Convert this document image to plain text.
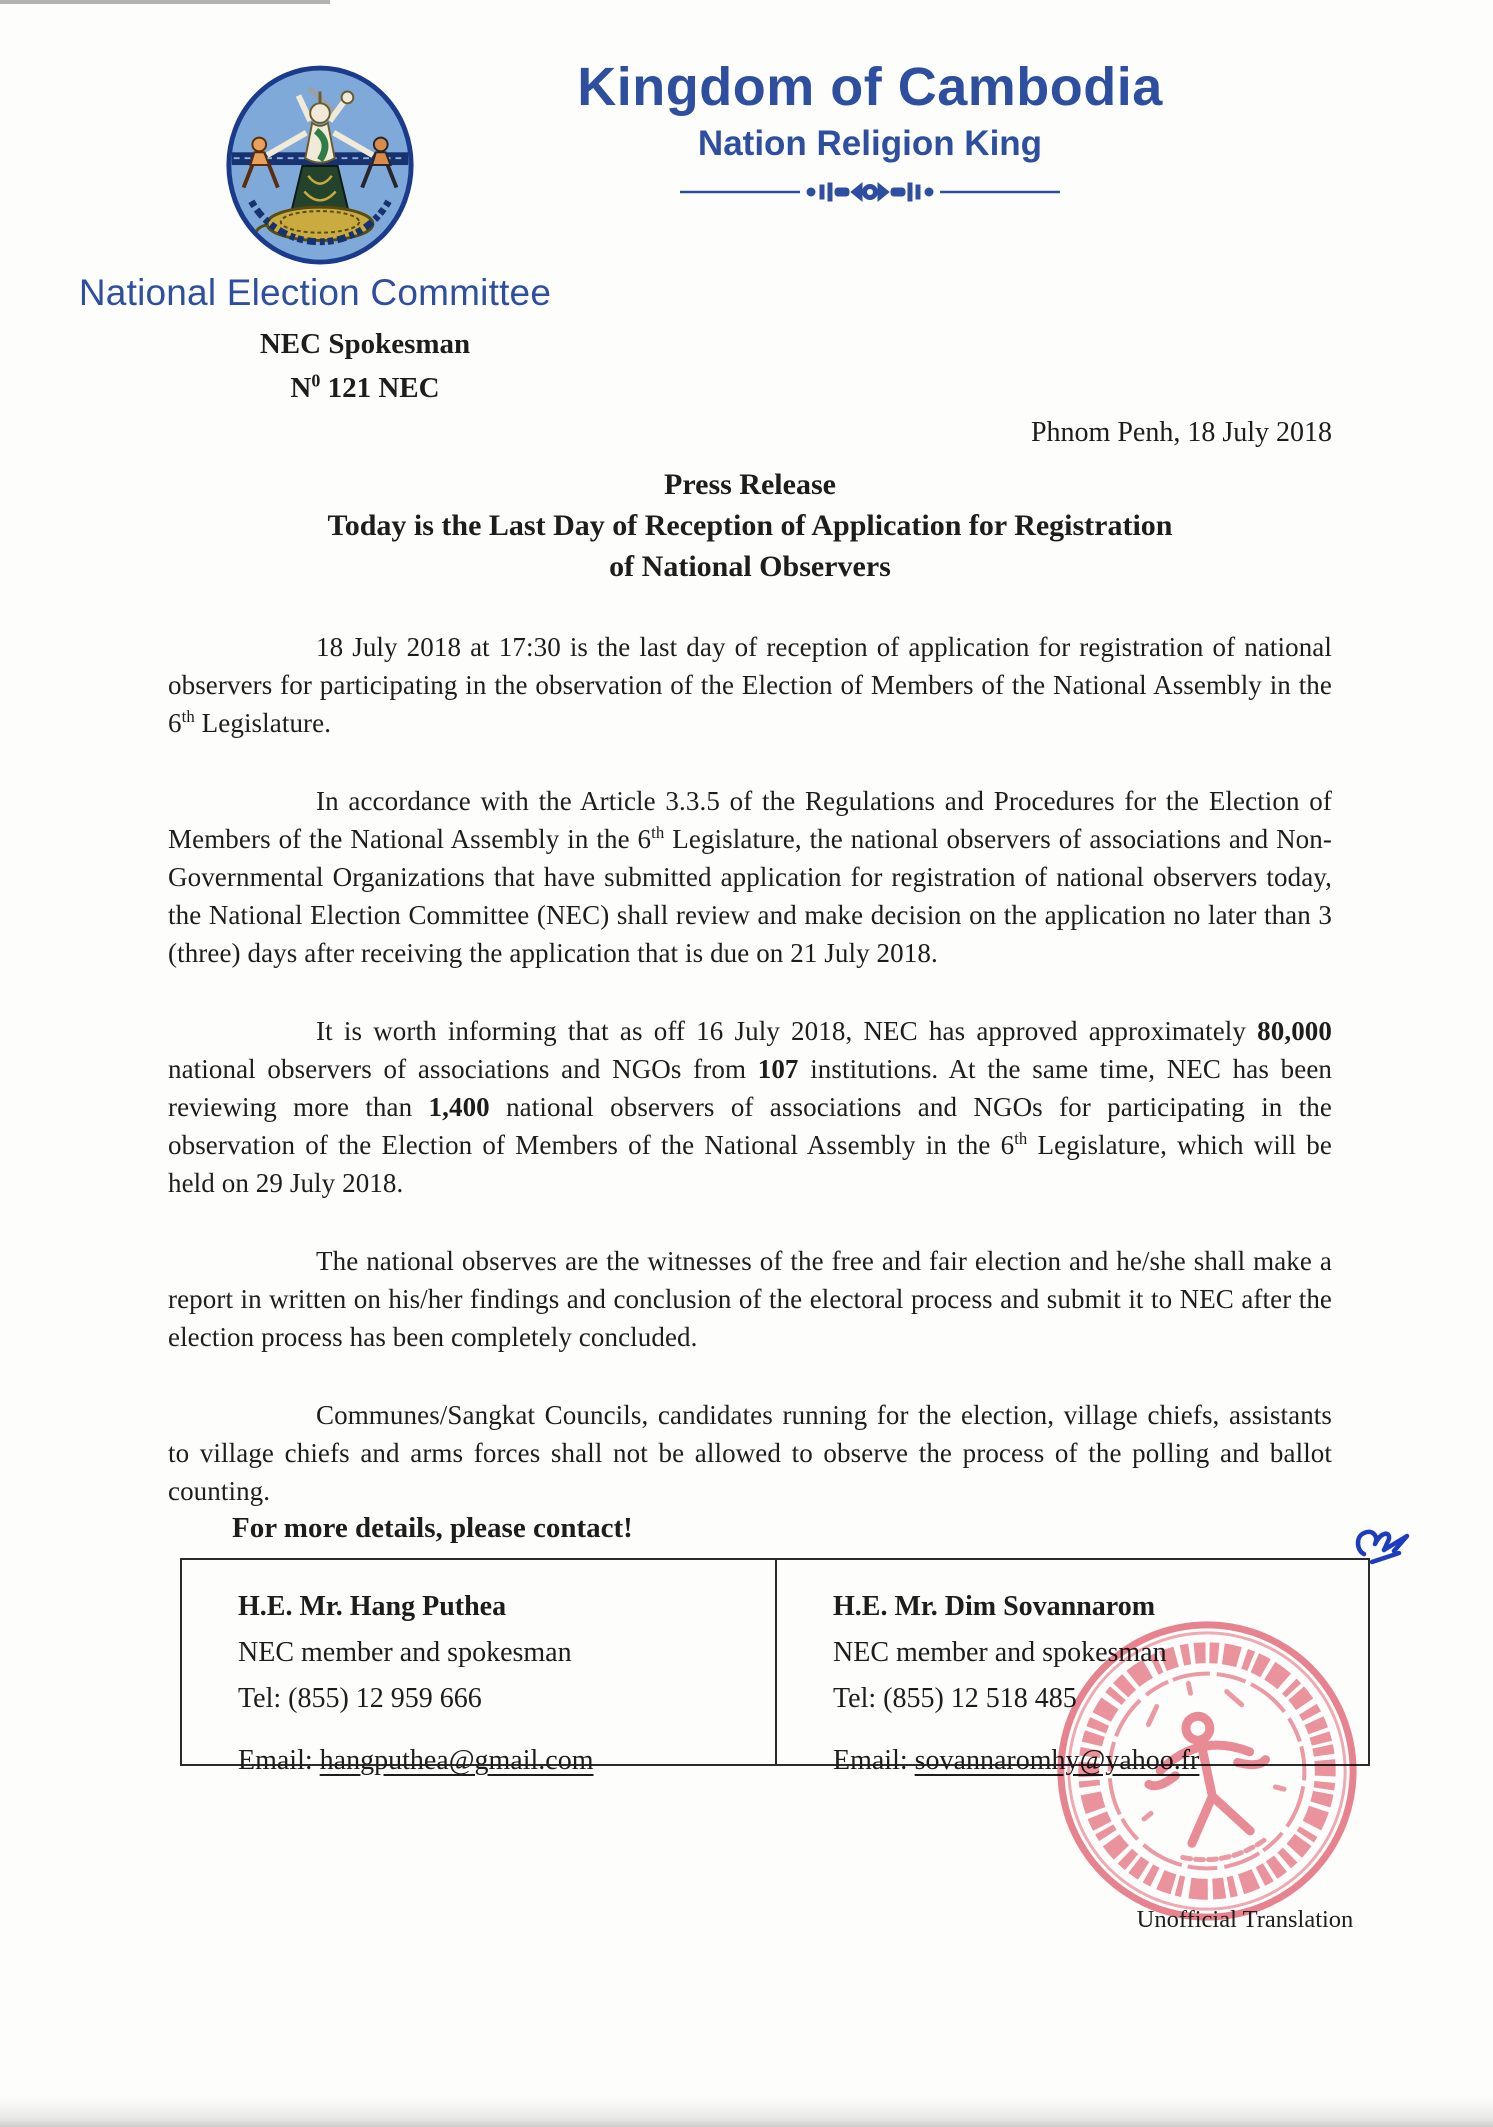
Kingdom of Cambodia
Nation Religion King
National Election Committee
NEC Spokesman
$N^0$ 121 NEC
Phnom Penh, 18 July 2018
Press Release
Today is the Last Day of Reception of Application for Registration
of National Observers

18 July 2018 at 17:30 is the last day of reception of application for registration of national observers for participating in the observation of the Election of Members of the National Assembly in the 6th Legislature.

In accordance with the Article 3.3.5 of the Regulations and Procedures for the Election of Members of the National Assembly in the 6th Legislature, the national observers of associations and Non-Governmental Organizations that have submitted application for registration of national observers today, the National Election Committee (NEC) shall review and make decision on the application no later than 3 (three) days after receiving the application that is due on 21 July 2018.

It is worth informing that as off 16 July 2018, NEC has approved approximately 80,000 national observers of associations and NGOs from 107 institutions. At the same time, NEC has been reviewing more than 1,400 national observers of associations and NGOs for participating in the observation of the Election of Members of the National Assembly in the 6th Legislature, which will be held on 29 July 2018.

The national observes are the witnesses of the free and fair election and he/she shall make a report in written on his/her findings and conclusion of the electoral process and submit it to NEC after the election process has been completely concluded.

Communes/Sangkat Councils, candidates running for the election, village chiefs, assistants to village chiefs and arms forces shall not be allowed to observe the process of the polling and ballot counting.

For more details, please contact!
H.E. Mr. Hang Puthea
NEC member and spokesman
Tel: (855) 12 959 666
Email: hangputhea@gmail.com
H.E. Mr. Dim Sovannarom
NEC member and spokesman
Tel: (855) 12 518 485
Email: sovannaromhy@yahoo.fr
Unofficial Translation
